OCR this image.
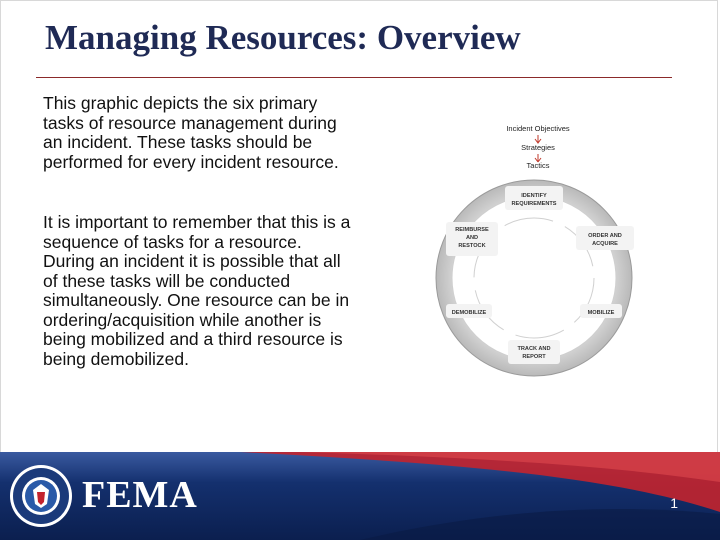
Managing Resources: Overview

This graphic depicts the six primary tasks of resource management during an incident. These tasks should be performed for every incident resource.

It is important to remember that this is a sequence of tasks for a resource. During an incident it is possible that all of these tasks will be conducted simultaneously. One resource can be in ordering/acquisition while another is being mobilized and a third resource is being demobilized.

Incident Objectives
Strategies
Tactics
IDENTIFY REQUIREMENTS
ORDER AND ACQUIRE
MOBILIZE
TRACK AND REPORT
DEMOBILIZE
REIMBURSE AND RESTOCK
FEMA	1
